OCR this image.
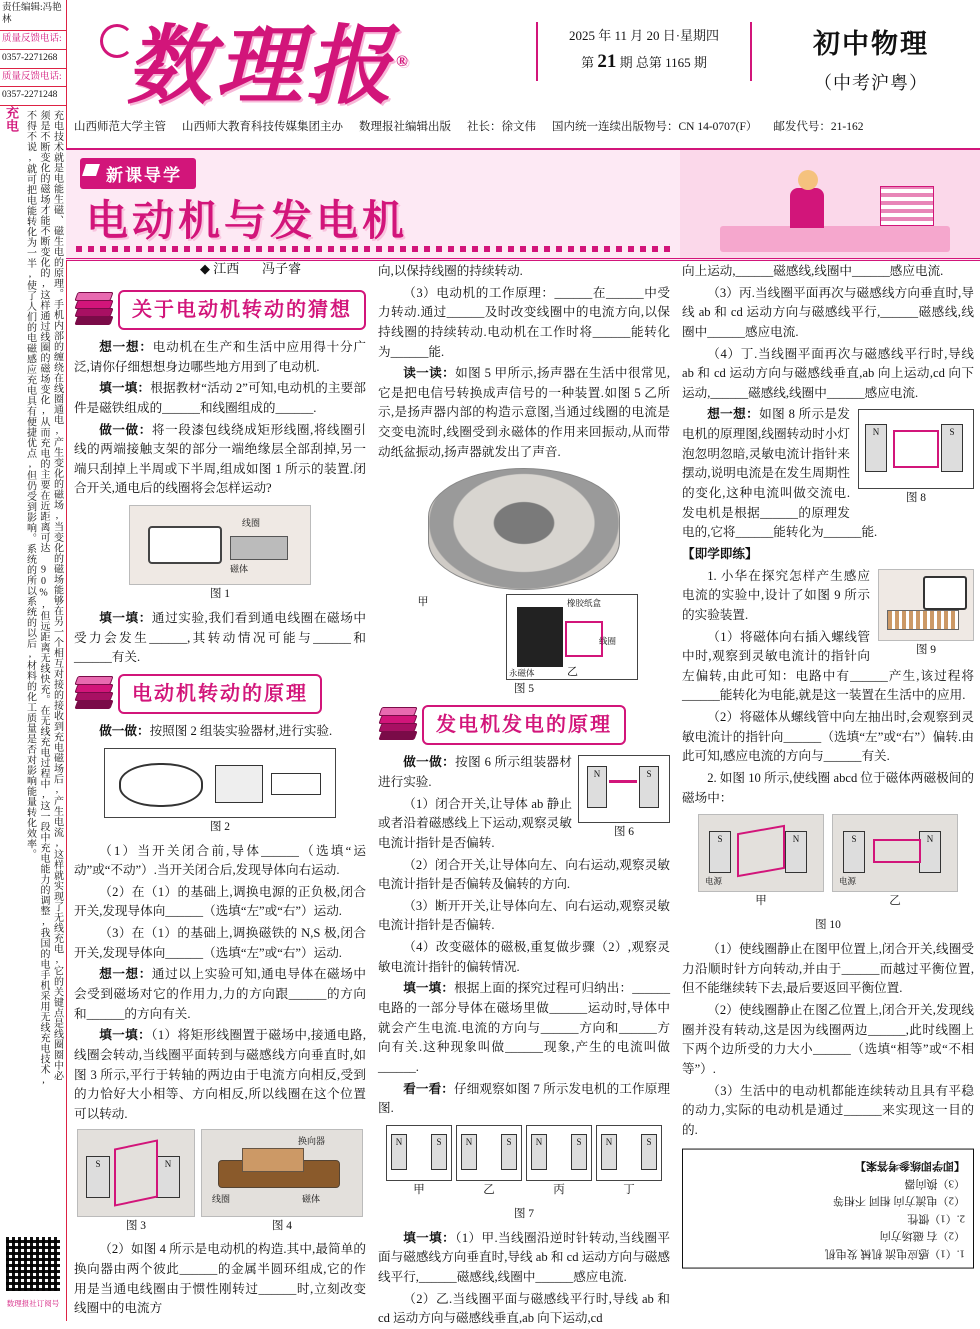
责任编辑:冯艳林
质量反馈电话:
0357-2271268
质量反馈电话:
0357-2271248
充电	充电技术就是电能生磁、磁生电的原理。手机内部的缠绕在线圈通电,产生变化的磁场,当变化的磁场能够在另一个相互对接的接收到充电磁场后,产生电流,这样就实现了无线充电,它的关键点是线圈圈中必须是不断变化的磁场才能不断变化的,这样通过线圈的磁场变化,从而充电的主要在近距离可达 90%,但远距离无线快充。在无线充电过程中,这一段中充电能力的调整,我国的电手机采用无线充电技术,不得不说,就可把电能转化为一半,使了人们的电磁感应充电具有便捷优点,但仍受到影响。系统的所以系统的以后,材料的化工质量是否对影响能量转化效率。
数理报社订阅号
数理报®
2025 年 11 月 20 日·星期四
第 21 期 总第 1165 期
初中物理
（中考沪粤）
山西师范大学主管 山西师大教育科技传媒集团主办 数理报社编辑出版 社长：徐文伟 国内统一连续出版物号：CN 14-0707(F） 邮发代号：21-162
新课导学
电动机与发电机
◆ 江西 冯子睿
关于电动机转动的猜想

想一想：电动机在生产和生活中应用得十分广泛,请你仔细想想身边哪些地方用到了电动机.

填一填：根据教材“活动 2”可知,电动机的主要部件是磁铁组成的______和线圈组成的______.

做一做：将一段漆包线绕成矩形线圈,将线圈引线的两端接触支架的部分一端绝缘层全部刮掉,另一端只刮掉上半周或下半周,组成如图 1 所示的装置.闭合开关,通电后的线圈将会怎样运动?

线圈
磁体
图 1

填一填：通过实验,我们看到通电线圈在磁场中受力会发生______,其转动情况可能与______和______有关.

电动机转动的原理

做一做：按照图 2 组装实验器材,进行实验.

图 2

（1）当开关闭合前,导体______（选填“运动”或“不动”）.当开关闭合后,发现导体向右运动.

（2）在（1）的基础上,调换电源的正负极,闭合开关,发现导体向______（选填“左”或“右”）运动.

（3）在（1）的基础上,调换磁铁的 N,S 极,闭合开关,发现导体向______（选填“左”或“右”）运动.

想一想：通过以上实验可知,通电导体在磁场中会受到磁场对它的作用力,力的方向跟______的方向和______的方向有关.

填一填：（1）将矩形线圈置于磁场中,接通电路,线圈会转动,当线圈平面转到与磁感线方向垂直时,如图 3 所示,平行于转轴的两边由于电流方向相反,受到的力恰好大小相等、方向相反,所以线圈在这个位置可以转动.

S	N
图 3
线圈	磁体
换向器
图 4

（2）如图 4 所示是电动机的构造.其中,最简单的换向器由两个彼此______的金属半圆环组成,它的作用是当通电线圈由于惯性刚转过______时,立刻改变线圈中的电流方

向,以保持线圈的持续转动.

（3）电动机的工作原理：______在______中受力转动.通过______及时改变线圈中的电流方向,以保持线圈的持续转动.电动机在工作时将______能转化为______能.

读一读：如图 5 甲所示,扬声器在生活中很常见,它是把电信号转换成声信号的一种装置.如图 5 乙所示,是扬声器内部的构造示意图,当通过线圈的电流是交变电流时,线圈受到永磁体的作用来回振动,从而带动纸盆振动,扬声器就发出了声音.

甲	橡胶纸盒
永磁体
线圈
乙
图 5
发电机发电的原理
N	S
图 6

做一做：按图 6 所示组装器材进行实验.

（1）闭合开关,让导体 ab 静止或者沿着磁感线上下运动,观察灵敏电流计指针是否偏转.

（2）闭合开关,让导体向左、向右运动,观察灵敏电流计指针是否偏转及偏转的方向.

（3）断开开关,让导体向左、向右运动,观察灵敏电流计指针是否偏转.

（4）改变磁体的磁极,重复做步骤（2）,观察灵敏电流计指针的偏转情况.

填一填：根据上面的探究过程可归纳出：______电路的一部分导体在磁场里做______运动时,导体中就会产生电流.电流的方向与______方向和______方向有关.这种现象叫做______现象,产生的电流叫做______.

看一看：仔细观察如图 7 所示发电机的工作原理图.

N	S
甲
N	S
乙
N	S
丙
N	S
丁
图 7

填一填：（1）甲.当线圈沿逆时针转动,当线圈平面与磁感线方向垂直时,导线 ab 和 cd 运动方向与磁感线平行,______磁感线,线圈中______感应电流.

（2）乙.当线圈平面与磁感线平行时,导线 ab 和 cd 运动方向与磁感线垂直,ab 向下运动,cd

向上运动,______磁感线,线圈中______感应电流.

（3）丙.当线圈平面再次与磁感线方向垂直时,导线 ab 和 cd 运动方向与磁感线平行,______磁感线,线圈中______感应电流.

（4）丁.当线圈平面再次与磁感线平行时,导线 ab 和 cd 运动方向与磁感线垂直,ab 向上运动,cd 向下运动,______磁感线,线圈中______感应电流.

N	S
图 8

想一想：如图 8 所示是发电机的原理图,线圈转动时小灯泡忽明忽暗,灵敏电流计指针来摆动,说明电流是在发生周期性的变化,这种电流叫做交流电.发电机是根据______的原理发电的,它将______能转化为______能.

【即学即练】

图 9

1. 小华在探究怎样产生感应电流的实验中,设计了如图 9 所示的实验装置.

（1）将磁体向右插入螺线管中时,观察到灵敏电流计的指针向左偏转,由此可知：电路中有______产生,该过程将______能转化为电能,就是这一装置在生活中的应用.

（2）将磁体从螺线管中向左抽出时,会观察到灵敏电流计的指针向______（选填“左”或“右”）偏转.由此可知,感应电流的方向与______有关.

2. 如图 10 所示,使线圈 abcd 位于磁体两磁极间的磁场中：

S	N
电源
甲
S	N
电源
乙
图 10

（1）使线圈静止在图甲位置上,闭合开关,线圈受力沿顺时针方向转动,并由于______而越过平衡位置,但不能继续转下去,最后要返回平衡位置.

（2）使线圈静止在图乙位置上,闭合开关,发现线圈并没有转动,这是因为线圈两边______,此时线圈上下两个边所受的力大小______（选填“相等”或“不相等”）.

（3）生活中的电动机都能连续转动且具有平稳的动力,实际的电动机是通过______来实现这一目的的.

1.（1）感应电流 机械 发电机
（2）右 磁场方向
2.（1）惯性
（2）电流方向 相同 不相等
（3）换向器
【即学即练参考答案】
